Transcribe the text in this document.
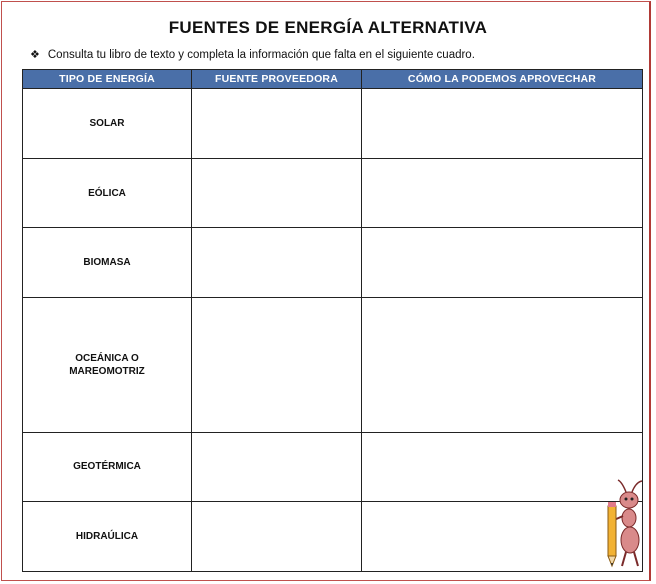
FUENTES DE ENERGÍA ALTERNATIVA
❖ Consulta tu libro de texto y completa la información que falta en el siguiente cuadro.
TIPO DE ENERGÍA	FUENTE PROVEEDORA	CÓMO LA PODEMOS APROVECHAR
SOLAR		
EÓLICA		
BIOMASA		
OCEÁNICA O MAREOMOTRIZ		
GEOTÉRMICA		
HIDRAÚLICA		
